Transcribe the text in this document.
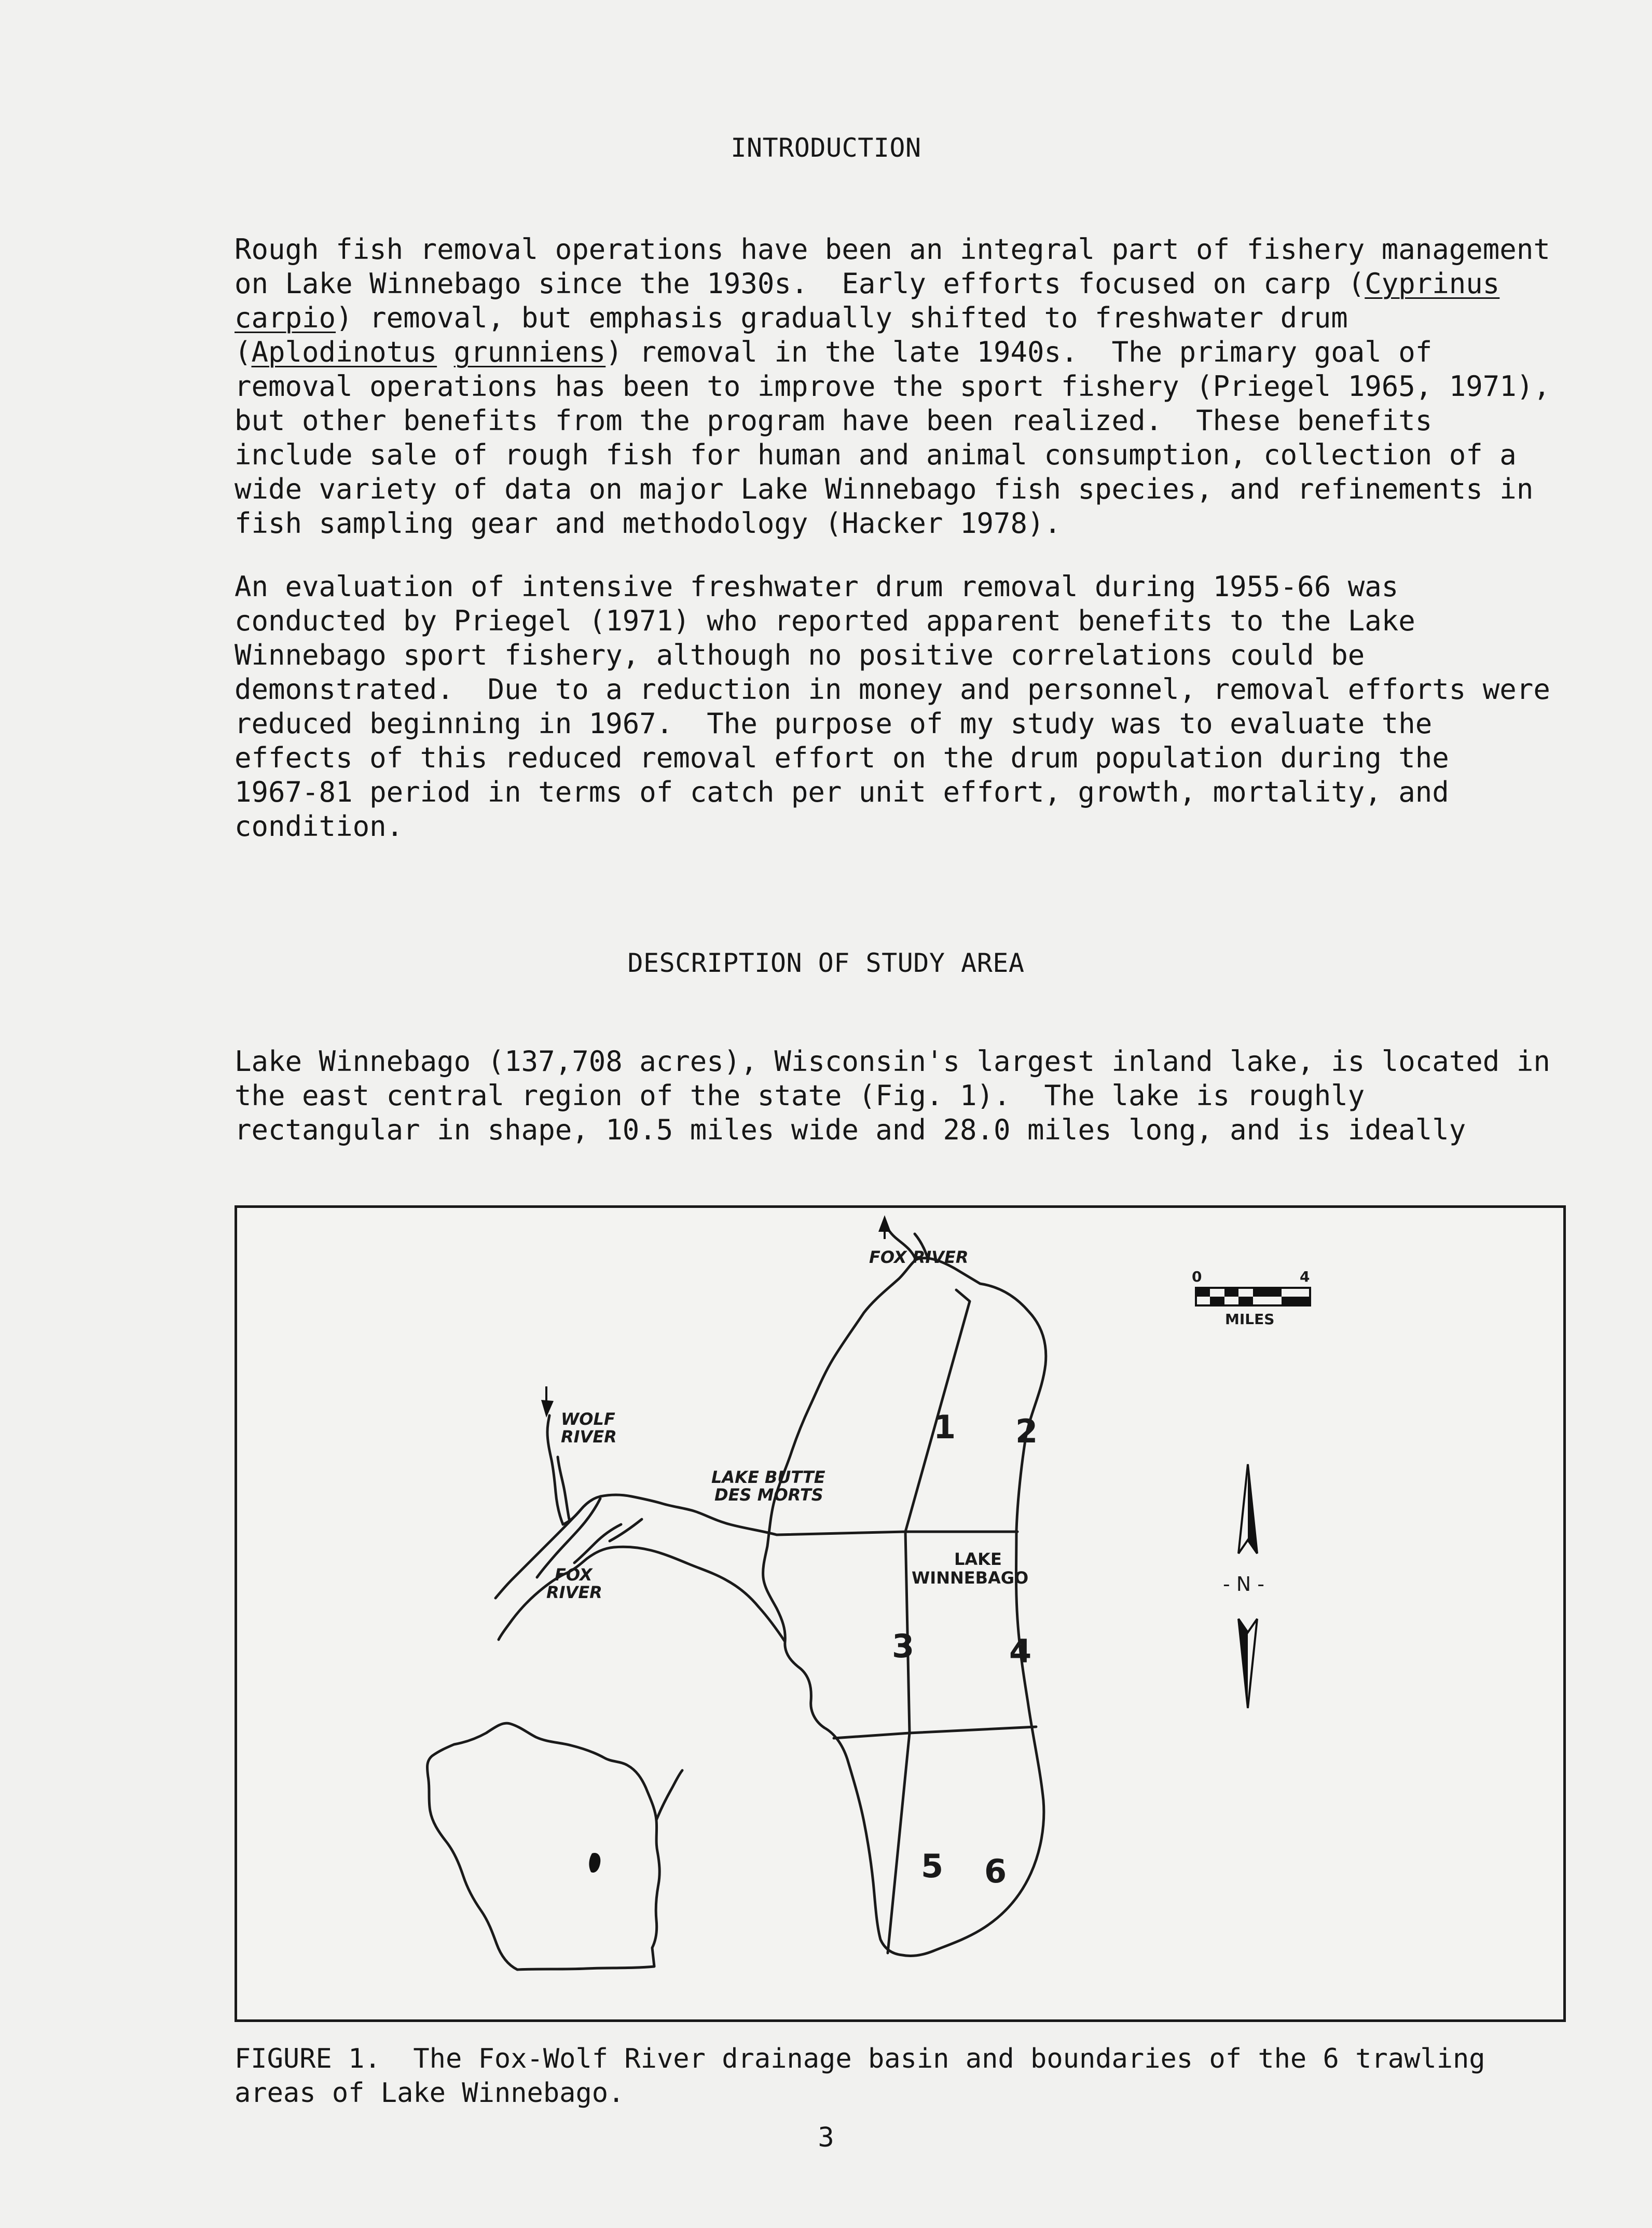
INTRODUCTION

Rough fish removal operations have been an integral part of fishery management
on Lake Winnebago since the 1930s.  Early efforts focused on carp (Cyprinus
carpio) removal, but emphasis gradually shifted to freshwater drum
(Aplodinotus grunniens) removal in the late 1940s.  The primary goal of
removal operations has been to improve the sport fishery (Priegel 1965, 1971),
but other benefits from the program have been realized.  These benefits
include sale of rough fish for human and animal consumption, collection of a
wide variety of data on major Lake Winnebago fish species, and refinements in
fish sampling gear and methodology (Hacker 1978).

An evaluation of intensive freshwater drum removal during 1955-66 was
conducted by Priegel (1971) who reported apparent benefits to the Lake
Winnebago sport fishery, although no positive correlations could be
demonstrated.  Due to a reduction in money and personnel, removal efforts were
reduced beginning in 1967.  The purpose of my study was to evaluate the
effects of this reduced removal effort on the drum population during the
1967-81 period in terms of catch per unit effort, growth, mortality, and
condition.

DESCRIPTION OF STUDY AREA

Lake Winnebago (137,708 acres), Wisconsin's largest inland lake, is located in
the east central region of the state (Fig. 1).  The lake is roughly
rectangular in shape, 10.5 miles wide and 28.0 miles long, and is ideally

FOX RIVER
WOLF
RIVER
LAKE BUTTE
DES MORTS
FOX
RIVER
LAKE
WINNEBAGO
1 2
3	4
5 6
0	4
MILES
- N -

FIGURE 1.  The Fox-Wolf River drainage basin and boundaries of the 6 trawling
areas of Lake Winnebago.

3
